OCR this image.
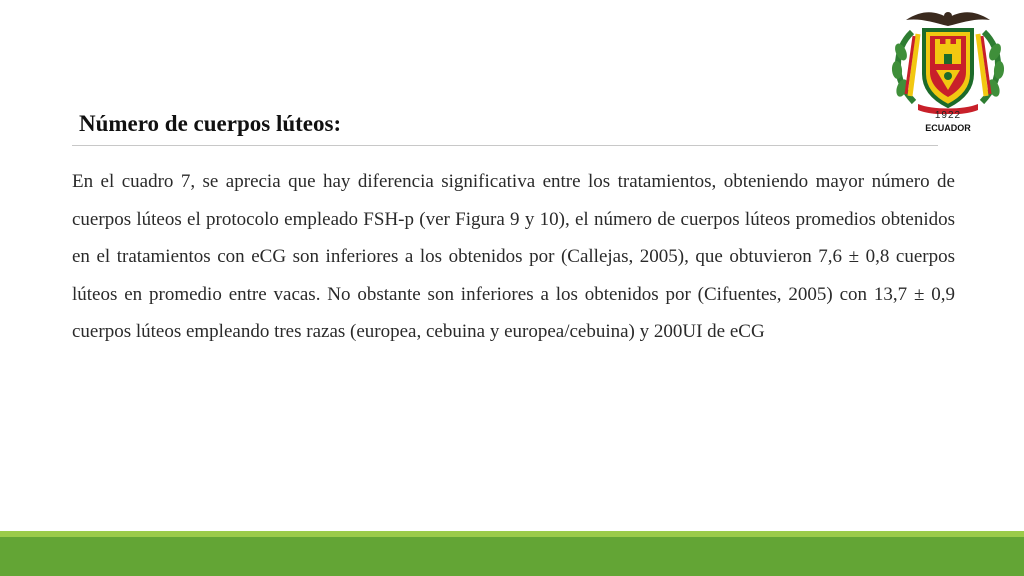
Número de cuerpos lúteos:

En el cuadro 7, se aprecia que hay diferencia significativa entre los tratamientos, obteniendo mayor número de cuerpos lúteos el protocolo empleado FSH-p (ver Figura 9 y 10), el número de cuerpos lúteos promedios obtenidos en el tratamientos con eCG son inferiores a los obtenidos por (Callejas, 2005), que obtuvieron 7,6 ± 0,8 cuerpos lúteos en promedio entre vacas. No obstante son inferiores a los obtenidos por (Cifuentes, 2005) con 13,7 ± 0,9 cuerpos lúteos empleando tres razas (europea, cebuina y europea/cebuina) y 200UI de eCG

1922
ECUADOR
